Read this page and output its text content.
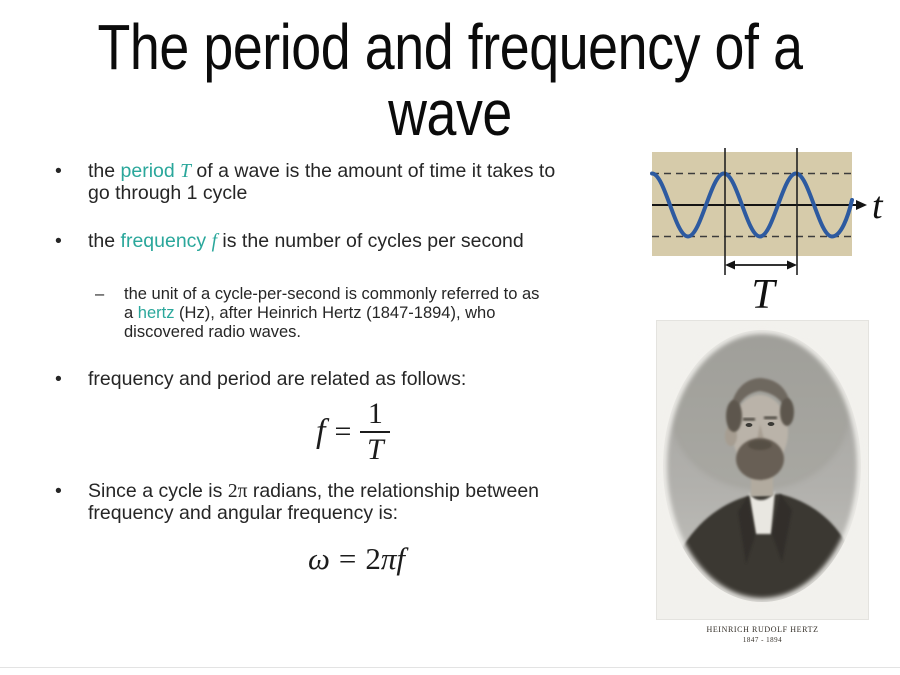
The period and frequency of a
wave
•	the period T of a wave is the amount of time it takes to
go through 1 cycle
•	the frequency f is the number of cycles per second
–	the unit of a cycle-per-second is commonly referred to as
a hertz (Hz), after Heinrich Hertz (1847-1894), who
discovered radio waves.
•	frequency and period are related as follows:
$f = \frac{1}{T}$
•	Since a cycle is 2π radians, the relationship between
frequency and angular frequency is:
ω = 2 π f
t
T
HEINRICH RUDOLF HERTZ
1847 - 1894
